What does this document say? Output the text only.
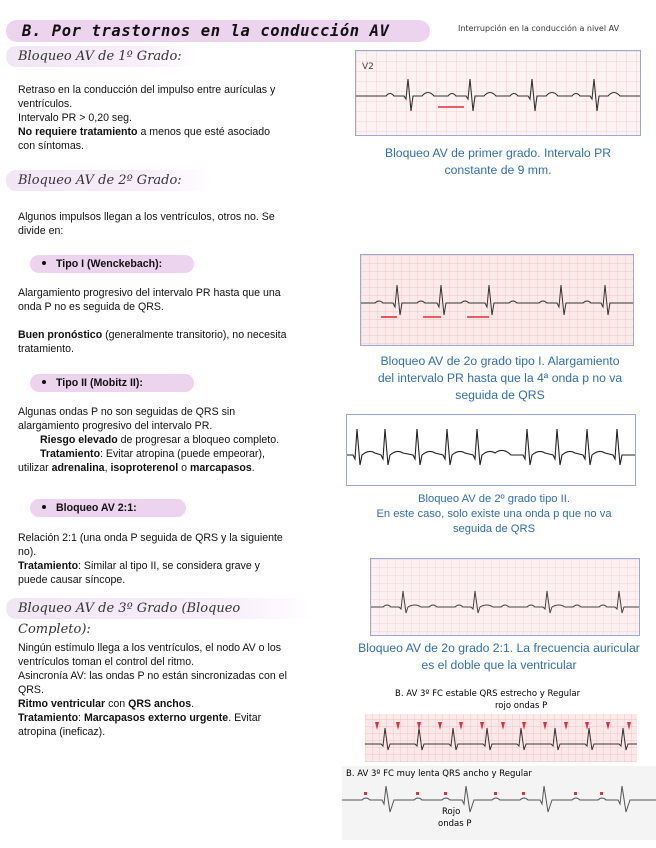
B. Por trastornos en la conducción AV	Interrupción en la conducción a nivel AV
Bloqueo AV de 1º Grado:
Retraso en la conducción del impulso entre aurículas y
ventrículos.
Intervalo PR > 0,20 seg.
No requiere tratamiento a menos que esté asociado
con síntomas.
V2
Bloqueo AV de primer grado. Intervalo PR
constante de 9 mm.
Bloqueo AV de 2º Grado:
Algunos impulsos llegan a los ventrículos, otros no. Se
divide en:
Tipo I (Wenckebach):
Alargamiento progresivo del intervalo PR hasta que una
onda P no es seguida de QRS.
Buen pronóstico (generalmente transitorio), no necesita
tratamiento.
Bloqueo AV de 2o grado tipo I. Alargamiento
del intervalo PR hasta que la 4ª onda p no va
seguida de QRS
Tipo II (Mobitz II):
Algunas ondas P no son seguidas de QRS sin
alargamiento progresivo del intervalo PR.
Riesgo elevado de progresar a bloqueo completo.
Tratamiento: Evitar atropina (puede empeorar),
utilizar adrenalina, isoproterenol o marcapasos.
Bloqueo AV de 2º grado tipo II.
En este caso, solo existe una onda p que no va
seguida de QRS
Bloqueo AV 2:1:
Relación 2:1 (una onda P seguida de QRS y la siguiente
no).
Tratamiento: Similar al tipo II, se considera grave y
puede causar síncope.
Bloqueo AV de 2o grado 2:1. La frecuencia auricular
es el doble que la ventricular
Bloqueo AV de 3º Grado (Bloqueo Completo):
Ningún estímulo llega a los ventrículos, el nodo AV o los
ventrículos toman el control del ritmo.
Asincronía AV: las ondas P no están sincronizadas con el
QRS.
Ritmo ventricular con QRS anchos.
Tratamiento: Marcapasos externo urgente. Evitar
atropina (ineficaz).
B. AV 3º FC estable QRS estrecho y Regular
rojo ondas P
B. AV 3º FC muy lenta QRS ancho y Regular
Rojo
ondas P
